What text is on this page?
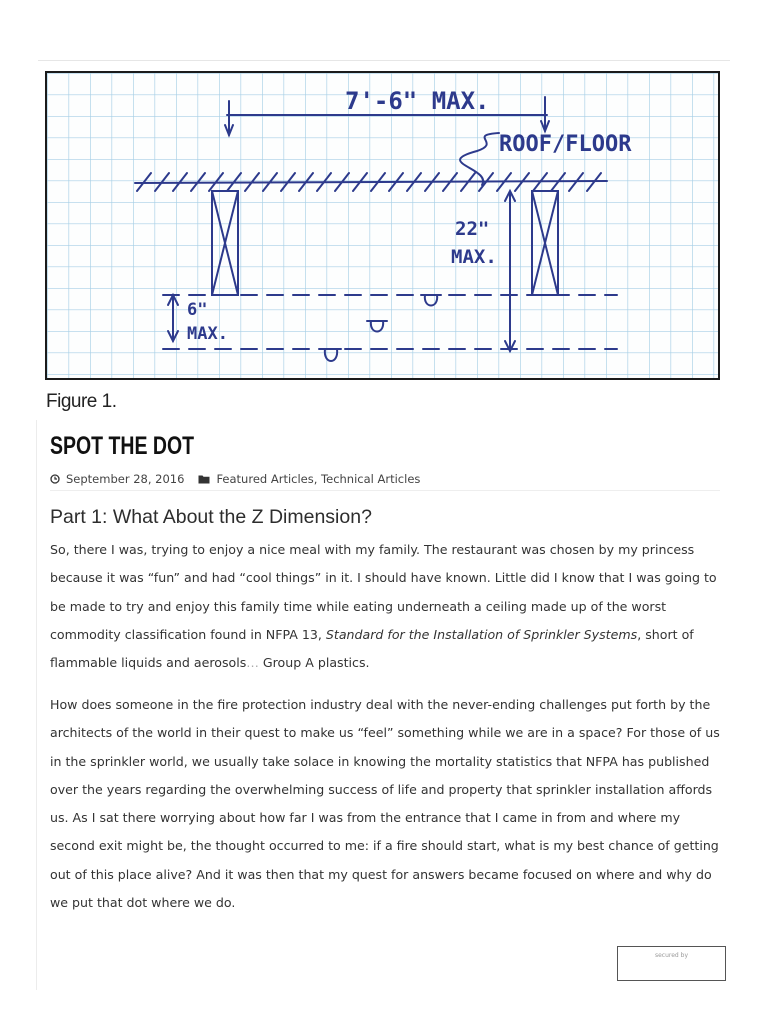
7'-6" MAX.
ROOF/FLOOR
22"
MAX.
6"
MAX.
Figure 1.
SPOT THE DOT
September 28, 2016	Featured Articles , Technical Articles
Part 1: What About the Z Dimension?

So, there I was, trying to enjoy a nice meal with my family. The restaurant was chosen by my princess because it was “fun” and had “cool things” in it. I should have known. Little did I know that I was going to be made to try and enjoy this family time while eating underneath a ceiling made up of the worst commodity classification found in NFPA 13, Standard for the Installation of Sprinkler Systems, short of flammable liquids and aerosols… Group A plastics.

How does someone in the fire protection industry deal with the never-ending challenges put forth by the architects of the world in their quest to make us “feel” something while we are in a space? For those of us in the sprinkler world, we usually take solace in knowing the mortality statistics that NFPA has published over the years regarding the overwhelming success of life and property that sprinkler installation affords us. As I sat there worrying about how far I was from the entrance that I came in from and where my second exit might be, the thought occurred to me: if a fire should start, what is my best chance of getting out of this place alive? And it was then that my quest for answers became focused on where and why do we put that dot where we do.

secured by
